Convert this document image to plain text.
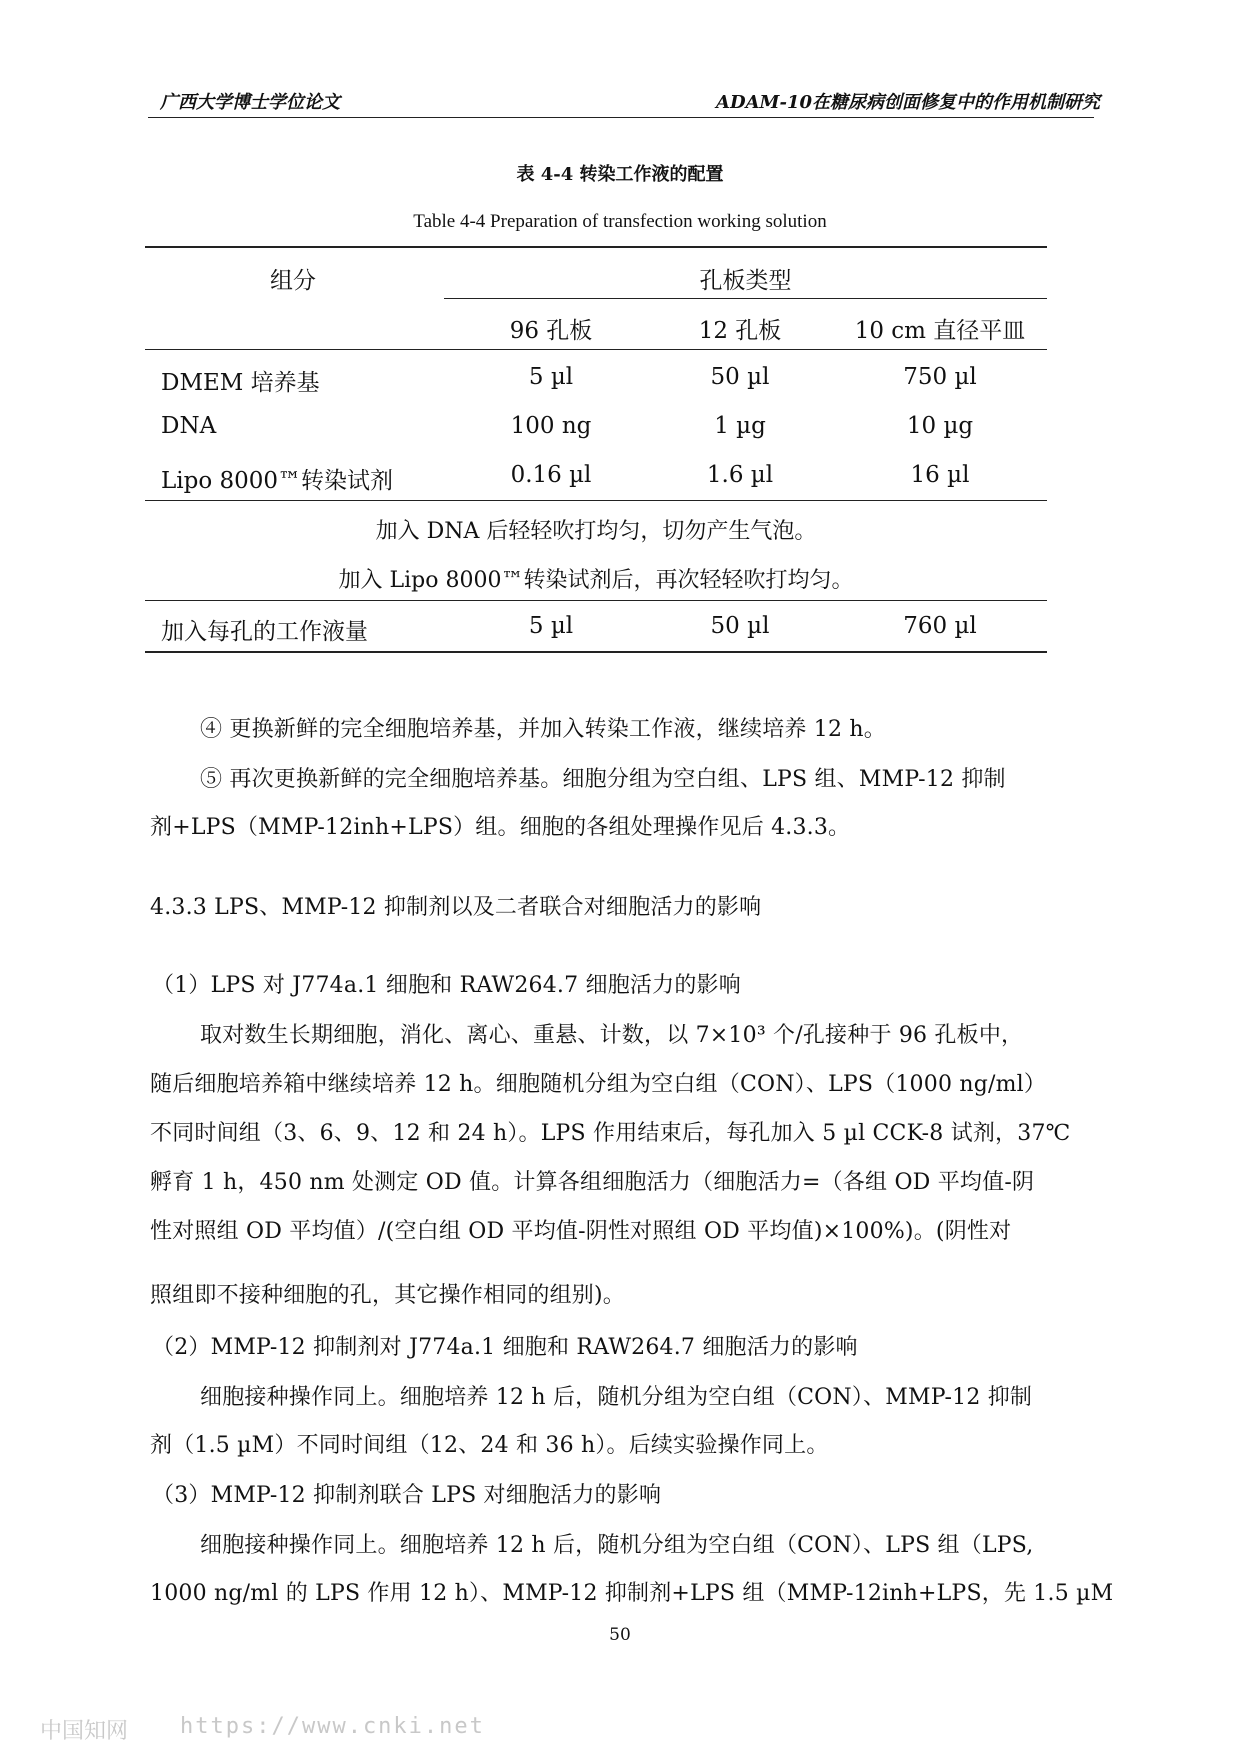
广西大学博士学位论文	ADAM-10在糖尿病创面修复中的作用机制研究
表 4-4 转染工作液的配置
Table 4-4 Preparation of transfection working solution
组分	孔板类型
96 孔板	12 孔板	10 cm 直径平皿
DMEM 培养基	5 µl	50 µl	750 µl
DNA	100 ng	1 µg	10 µg
Lipo 8000™转染试剂	0.16 µl	1.6 µl	16 µl
加入 DNA 后轻轻吹打均匀，切勿产生气泡。
加入 Lipo 8000™转染试剂后，再次轻轻吹打均匀。
加入每孔的工作液量	5 µl	50 µl	760 µl
④ 更换新鲜的完全细胞培养基，并加入转染工作液，继续培养 12 h。
⑤ 再次更换新鲜的完全细胞培养基。细胞分组为空白组、LPS 组、MMP-12 抑制
剂+LPS（MMP-12inh+LPS）组。细胞的各组处理操作见后 4.3.3。
4.3.3 LPS、MMP-12 抑制剂以及二者联合对细胞活力的影响
（1）LPS 对 J774a.1 细胞和 RAW264.7 细胞活力的影响
取对数生长期细胞，消化、离心、重悬、计数，以 7×10³ 个/孔接种于 96 孔板中，
随后细胞培养箱中继续培养 12 h。细胞随机分组为空白组（CON）、LPS（1000 ng/ml）
不同时间组（3、6、9、12 和 24 h）。LPS 作用结束后，每孔加入 5 µl CCK-8 试剂，37℃
孵育 1 h，450 nm 处测定 OD 值。计算各组细胞活力（细胞活力=（各组 OD 平均值-阴
性对照组 OD 平均值）/(空白组 OD 平均值-阴性对照组 OD 平均值)×100%)。(阴性对
照组即不接种细胞的孔，其它操作相同的组别)。
（2）MMP-12 抑制剂对 J774a.1 细胞和 RAW264.7 细胞活力的影响
细胞接种操作同上。细胞培养 12 h 后，随机分组为空白组（CON）、MMP-12 抑制
剂（1.5 µM）不同时间组（12、24 和 36 h）。后续实验操作同上。
（3）MMP-12 抑制剂联合 LPS 对细胞活力的影响
细胞接种操作同上。细胞培养 12 h 后，随机分组为空白组（CON）、LPS 组（LPS,
1000 ng/ml 的 LPS 作用 12 h）、MMP-12 抑制剂+LPS 组（MMP-12inh+LPS，先 1.5 µM
50
中国知网 https://www.cnki.net
